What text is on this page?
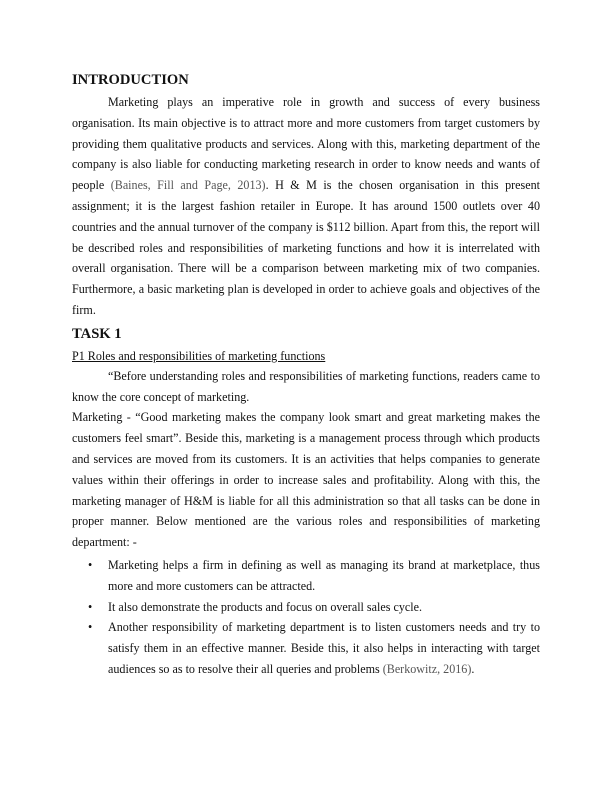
INTRODUCTION

Marketing plays an imperative role in growth and success of every business organisation. Its main objective is to attract more and more customers from target customers by providing them qualitative products and services. Along with this, marketing department of the company is also liable for conducting marketing research in order to know needs and wants of people (Baines, Fill and Page, 2013). H & M is the chosen organisation in this present assignment; it is the largest fashion retailer in Europe. It has around 1500 outlets over 40 countries and the annual turnover of the company is $112 billion. Apart from this, the report will be described roles and responsibilities of marketing functions and how it is interrelated with overall organisation. There will be a comparison between marketing mix of two companies. Furthermore, a basic marketing plan is developed in order to achieve goals and objectives of the firm.

TASK 1

P1 Roles and responsibilities of marketing functions

“Before understanding roles and responsibilities of marketing functions, readers came to know the core concept of marketing.

Marketing - “Good marketing makes the company look smart and great marketing makes the customers feel smart”. Beside this, marketing is a management process through which products and services are moved from its customers. It is an activities that helps companies to generate values within their offerings in order to increase sales and profitability. Along with this, the marketing manager of H&M is liable for all this administration so that all tasks can be done in proper manner. Below mentioned are the various roles and responsibilities of marketing department: -

• Marketing helps a firm in defining as well as managing its brand at marketplace, thus more and more customers can be attracted.
• It also demonstrate the products and focus on overall sales cycle.
• Another responsibility of marketing department is to listen customers needs and try to satisfy them in an effective manner. Beside this, it also helps in interacting with target audiences so as to resolve their all queries and problems (Berkowitz, 2016).
